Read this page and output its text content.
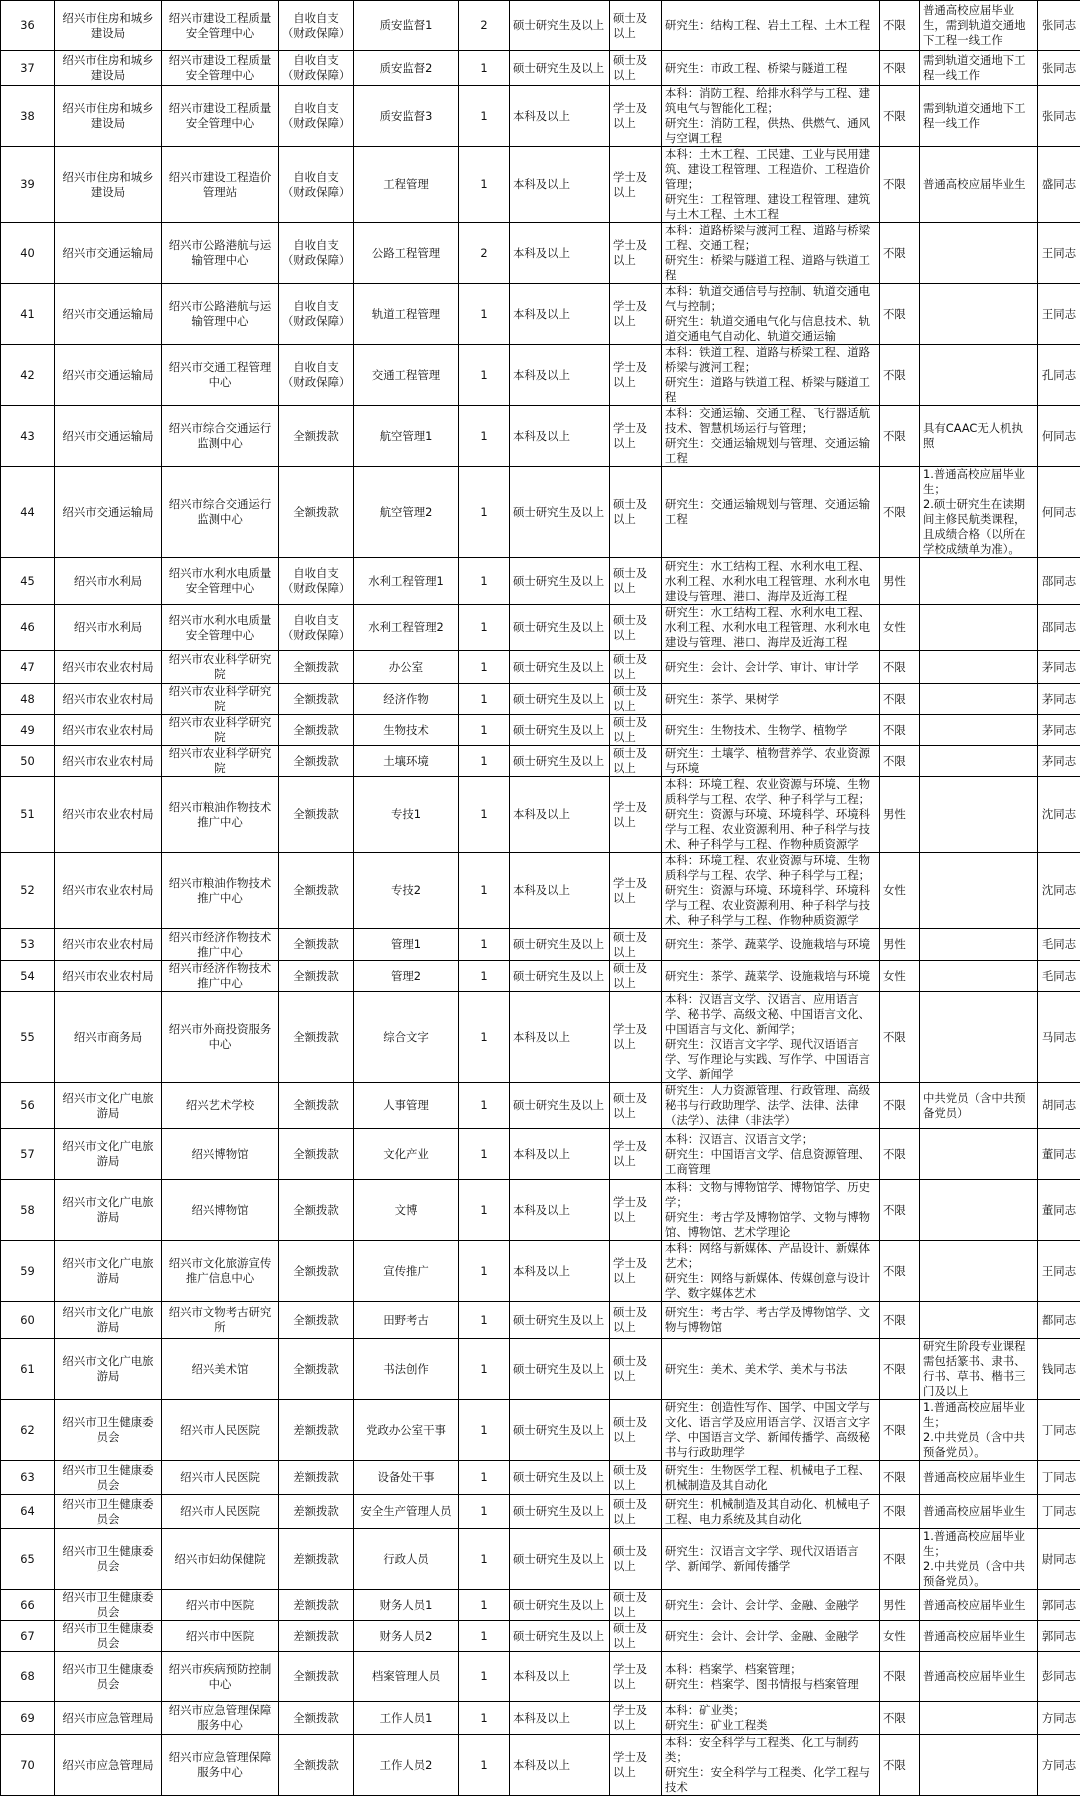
36	绍兴市住房和城乡建设局	绍兴市建设工程质量安全管理中心	自收自支（财政保障）	质安监督1	2	硕士研究生及以上	硕士及以上	研究生：结构工程、岩土工程、土木工程	不限	普通高校应届毕业生，需到轨道交通地下工程一线工作	张同志
37	绍兴市住房和城乡建设局	绍兴市建设工程质量安全管理中心	自收自支（财政保障）	质安监督2	1	硕士研究生及以上	硕士及以上	研究生：市政工程、桥梁与隧道工程	不限	需到轨道交通地下工程一线工作	张同志
38	绍兴市住房和城乡建设局	绍兴市建设工程质量安全管理中心	自收自支（财政保障）	质安监督3	1	本科及以上	学士及以上	本科：消防工程、给排水科学与工程、建筑电气与智能化工程；
研究生：消防工程，供热、供燃气、通风与空调工程	不限	需到轨道交通地下工程一线工作	张同志
39	绍兴市住房和城乡建设局	绍兴市建设工程造价管理站	自收自支（财政保障）	工程管理	1	本科及以上	学士及以上	本科：土木工程、工民建、工业与民用建筑、建设工程管理、工程造价、工程造价管理；
研究生：工程管理、建设工程管理、建筑与土木工程、土木工程	不限	普通高校应届毕业生	盛同志
40	绍兴市交通运输局	绍兴市公路港航与运输管理中心	自收自支（财政保障）	公路工程管理	2	本科及以上	学士及以上	本科：道路桥梁与渡河工程、道路与桥梁工程、交通工程；
研究生：桥梁与隧道工程、道路与铁道工程	不限		王同志
41	绍兴市交通运输局	绍兴市公路港航与运输管理中心	自收自支（财政保障）	轨道工程管理	1	本科及以上	学士及以上	本科：轨道交通信号与控制、轨道交通电气与控制；
研究生：轨道交通电气化与信息技术、轨道交通电气自动化、轨道交通运输	不限		王同志
42	绍兴市交通运输局	绍兴市交通工程管理中心	自收自支（财政保障）	交通工程管理	1	本科及以上	学士及以上	本科：铁道工程、道路与桥梁工程、道路桥梁与渡河工程；
研究生：道路与铁道工程、桥梁与隧道工程	不限		孔同志
43	绍兴市交通运输局	绍兴市综合交通运行监测中心	全额拨款	航空管理1	1	本科及以上	学士及以上	本科：交通运输、交通工程、飞行器适航技术、智慧机场运行与管理；
研究生：交通运输规划与管理、交通运输工程	不限	具有CAAC无人机执照	何同志
44	绍兴市交通运输局	绍兴市综合交通运行监测中心	全额拨款	航空管理2	1	硕士研究生及以上	硕士及以上	研究生：交通运输规划与管理、交通运输工程	不限	1.普通高校应届毕业生；
2.硕士研究生在读期间主修民航类课程，且成绩合格（以所在学校成绩单为准）。	何同志
45	绍兴市水利局	绍兴市水利水电质量安全管理中心	自收自支（财政保障）	水利工程管理1	1	硕士研究生及以上	硕士及以上	研究生：水工结构工程、水利水电工程、水利工程、水利水电工程管理、水利水电建设与管理、港口、海岸及近海工程	男性		邵同志
46	绍兴市水利局	绍兴市水利水电质量安全管理中心	自收自支（财政保障）	水利工程管理2	1	硕士研究生及以上	硕士及以上	研究生：水工结构工程、水利水电工程、水利工程、水利水电工程管理、水利水电建设与管理、港口、海岸及近海工程	女性		邵同志
47	绍兴市农业农村局	绍兴市农业科学研究院	全额拨款	办公室	1	硕士研究生及以上	硕士及以上	研究生：会计、会计学、审计、审计学	不限		茅同志
48	绍兴市农业农村局	绍兴市农业科学研究院	全额拨款	经济作物	1	硕士研究生及以上	硕士及以上	研究生：茶学、果树学	不限		茅同志
49	绍兴市农业农村局	绍兴市农业科学研究院	全额拨款	生物技术	1	硕士研究生及以上	硕士及以上	研究生：生物技术、生物学、植物学	不限		茅同志
50	绍兴市农业农村局	绍兴市农业科学研究院	全额拨款	土壤环境	1	硕士研究生及以上	硕士及以上	研究生：土壤学、植物营养学、农业资源与环境	不限		茅同志
51	绍兴市农业农村局	绍兴市粮油作物技术推广中心	全额拨款	专技1	1	本科及以上	学士及以上	本科：环境工程、农业资源与环境、生物质科学与工程、农学、种子科学与工程；
研究生：资源与环境、环境科学、环境科学与工程、农业资源利用、种子科学与技术、种子科学与工程、作物种质资源学	男性		沈同志
52	绍兴市农业农村局	绍兴市粮油作物技术推广中心	全额拨款	专技2	1	本科及以上	学士及以上	本科：环境工程、农业资源与环境、生物质科学与工程、农学、种子科学与工程；
研究生：资源与环境、环境科学、环境科学与工程、农业资源利用、种子科学与技术、种子科学与工程、作物种质资源学	女性		沈同志
53	绍兴市农业农村局	绍兴市经济作物技术推广中心	全额拨款	管理1	1	硕士研究生及以上	硕士及以上	研究生：茶学、蔬菜学、设施栽培与环境	男性		毛同志
54	绍兴市农业农村局	绍兴市经济作物技术推广中心	全额拨款	管理2	1	硕士研究生及以上	硕士及以上	研究生：茶学、蔬菜学、设施栽培与环境	女性		毛同志
55	绍兴市商务局	绍兴市外商投资服务中心	全额拨款	综合文字	1	本科及以上	学士及以上	本科：汉语言文学、汉语言、应用语言学、秘书学、高级文秘、中国语言文化、中国语言与文化、新闻学；
研究生：汉语言文字学、现代汉语语言学、写作理论与实践、写作学、中国语言文学、新闻学	不限		马同志
56	绍兴市文化广电旅游局	绍兴艺术学校	全额拨款	人事管理	1	硕士研究生及以上	硕士及以上	研究生：人力资源管理、行政管理、高级秘书与行政助理学、法学、法律、法律（法学）、法律（非法学）	不限	中共党员（含中共预备党员）	胡同志
57	绍兴市文化广电旅游局	绍兴博物馆	全额拨款	文化产业	1	本科及以上	学士及以上	本科：汉语言、汉语言文学；
研究生：中国语言文学、信息资源管理、工商管理	不限		董同志
58	绍兴市文化广电旅游局	绍兴博物馆	全额拨款	文博	1	本科及以上	学士及以上	本科：文物与博物馆学、博物馆学、历史学；
研究生：考古学及博物馆学、文物与博物馆、博物馆、艺术学理论	不限		董同志
59	绍兴市文化广电旅游局	绍兴市文化旅游宣传推广信息中心	全额拨款	宣传推广	1	本科及以上	学士及以上	本科：网络与新媒体、产品设计、新媒体艺术；
研究生：网络与新媒体、传媒创意与设计学、数字媒体艺术	不限		王同志
60	绍兴市文化广电旅游局	绍兴市文物考古研究所	全额拨款	田野考古	1	硕士研究生及以上	硕士及以上	研究生：考古学、考古学及博物馆学、文物与博物馆	不限		都同志
61	绍兴市文化广电旅游局	绍兴美术馆	全额拨款	书法创作	1	硕士研究生及以上	硕士及以上	研究生：美术、美术学、美术与书法	不限	研究生阶段专业课程需包括篆书、隶书、行书、草书、楷书三门及以上	钱同志
62	绍兴市卫生健康委员会	绍兴市人民医院	差额拨款	党政办公室干事	1	硕士研究生及以上	硕士及以上	研究生：创造性写作、国学、中国文学与文化、语言学及应用语言学、汉语言文字学、中国语言文学、新闻传播学、高级秘书与行政助理学	不限	1.普通高校应届毕业生；
2.中共党员（含中共预备党员）。	丁同志
63	绍兴市卫生健康委员会	绍兴市人民医院	差额拨款	设备处干事	1	硕士研究生及以上	硕士及以上	研究生：生物医学工程、机械电子工程、机械制造及其自动化	不限	普通高校应届毕业生	丁同志
64	绍兴市卫生健康委员会	绍兴市人民医院	差额拨款	安全生产管理人员	1	硕士研究生及以上	硕士及以上	研究生：机械制造及其自动化、机械电子工程、电力系统及其自动化	不限	普通高校应届毕业生	丁同志
65	绍兴市卫生健康委员会	绍兴市妇幼保健院	差额拨款	行政人员	1	硕士研究生及以上	硕士及以上	研究生：汉语言文字学、现代汉语语言学、新闻学、新闻传播学	不限	1.普通高校应届毕业生；
2.中共党员（含中共预备党员）。	尉同志
66	绍兴市卫生健康委员会	绍兴市中医院	差额拨款	财务人员1	1	硕士研究生及以上	硕士及以上	研究生：会计、会计学、金融、金融学	男性	普通高校应届毕业生	郭同志
67	绍兴市卫生健康委员会	绍兴市中医院	差额拨款	财务人员2	1	硕士研究生及以上	硕士及以上	研究生：会计、会计学、金融、金融学	女性	普通高校应届毕业生	郭同志
68	绍兴市卫生健康委员会	绍兴市疾病预防控制中心	全额拨款	档案管理人员	1	本科及以上	学士及以上	本科：档案学、档案管理；
研究生：档案学、图书情报与档案管理	不限	普通高校应届毕业生	彭同志
69	绍兴市应急管理局	绍兴市应急管理保障服务中心	全额拨款	工作人员1	1	本科及以上	学士及以上	本科：矿业类；
研究生：矿业工程类	不限		方同志
70	绍兴市应急管理局	绍兴市应急管理保障服务中心	全额拨款	工作人员2	1	本科及以上	学士及以上	本科：安全科学与工程类、化工与制药类；
研究生：安全科学与工程类、化学工程与技术	不限		方同志
